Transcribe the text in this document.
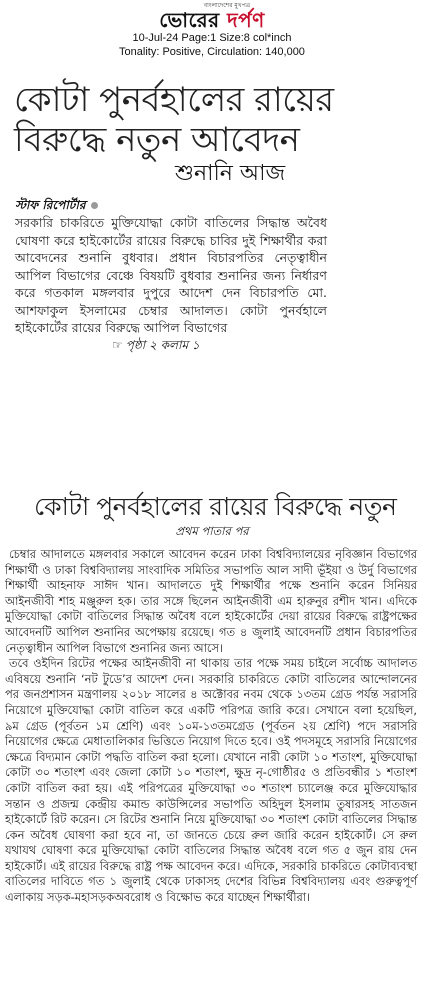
বাংলাদেশের মুখপত্র
ভোরের দর্পণ
10-Jul-24 Page:1 Size:8 col*inch
Tonality: Positive, Circulation: 140,000
কোটা পুনর্বহালের রায়ের বিরুদ্ধে নতুন আবেদন
শুনানি আজ
স্টাফ রিপোর্টার
সরকারি চাকরিতে মুক্তিযোদ্ধা কোটা বাতিলের সিদ্ধান্ত অবৈধ ঘোষণা করে হাইকোর্টের রায়ের বিরুদ্ধে চাবির দুই শিক্ষার্থীর করা আবেদনের শুনানি বুধবার। প্রধান বিচারপতির নেতৃত্বাধীন আপিল বিভাগের বেঞ্চে বিষয়টি বুধবার শুনানির জন্য নির্ধারণ করে গতকাল মঙ্গলবার দুপুরে আদেশ দেন বিচারপতি মো. আশফাকুল ইসলামের চেম্বার আদালত। কোটা পুনর্বহালে হাইকোর্টের রায়ের বিরুদ্ধে আপিল বিভাগের
☞ পৃষ্ঠা ২ কলাম ১
কোটা পুনর্বহালের রায়ের বিরুদ্ধে নতুন
প্রথম পাতার পর

চেম্বার আদালতে মঙ্গলবার সকালে আবেদন করেন ঢাকা বিশ্ববিদ্যালয়ের নৃবিজ্ঞান বিভাগের শিক্ষার্থী ও ঢাকা বিশ্ববিদ্যালয় সাংবাদিক সমিতির সভাপতি আল সাদী ভূঁইয়া ও উর্দু বিভাগের শিক্ষার্থী আহনাফ সাঈদ খান। আদালতে দুই শিক্ষার্থীর পক্ষে শুনানি করেন সিনিয়র আইনজীবী শাহ মঞ্জুরুল হক। তার সঙ্গে ছিলেন আইনজীবী এম হারুনুর রশীদ খান। এদিকে মুক্তিযোদ্ধা কোটা বাতিলের সিদ্ধান্ত অবৈধ বলে হাইকোর্টের দেয়া রায়ের বিরুদ্ধে রাষ্ট্রপক্ষের আবেদনটি আপিল শুনানির অপেক্ষায় রয়েছে। গত ৪ জুলাই আবেদনটি প্রধান বিচারপতির নেতৃত্বাধীন আপিল বিভাগে শুনানির জন্য আসে।

তবে ওইদিন রিটের পক্ষের আইনজীবী না থাকায় তার পক্ষে সময় চাইলে সর্বোচ্চ আদালত এবিষয়ে শুনানি ‘নট টুডে’র আদেশ দেন। সরকারি চাকরিতে কোটা বাতিলের আন্দোলনের পর জনপ্রশাসন মন্ত্রণালয় ২০১৮ সালের ৪ অক্টোবর নবম থেকে ১৩তম গ্রেড পর্যন্ত সরাসরি নিয়োগে মুক্তিযোদ্ধা কোটা বাতিল করে একটি পরিপত্র জারি করে। সেখানে বলা হয়েছিল, ৯ম গ্রেড (পূর্বতন ১ম শ্রেণি) এবং ১০ম-১৩তমগ্রেড (পূর্বতন ২য় শ্রেণি) পদে সরাসরি নিয়োগের ক্ষেত্রে মেধাতালিকার ভিত্তিতে নিয়োগ দিতে হবে। ওই পদসমূহে সরাসরি নিয়োগের ক্ষেত্রে বিদ্যমান কোটা পদ্ধতি বাতিল করা হলো। যেখানে নারী কোটা ১০ শতাংশ, মুক্তিযোদ্ধা কোটা ৩০ শতাংশ এবং জেলা কোটা ১০ শতাংশ, ক্ষুদ্র নৃ-গোষ্ঠীর৫ ও প্রতিবন্ধীর ১ শতাংশ কোটা বাতিল করা হয়। এই পরিপত্রের মুক্তিযোদ্ধা ৩০ শতাংশ চ্যালেঞ্জ করে মুক্তিযোদ্ধার সন্তান ও প্রজন্ম কেন্দ্রীয় কমান্ড কাউন্সিলের সভাপতি অহিদুল ইসলাম তুষারসহ সাতজন হাইকোর্টে রিট করেন। সে রিটের শুনানি নিয়ে মুক্তিযোদ্ধা ৩০ শতাংশ কোটা বাতিলের সিদ্ধান্ত কেন অবৈধ ঘোষণা করা হবে না, তা জানতে চেয়ে রুল জারি করেন হাইকোর্ট। সে রুল যথাযথ ঘোষণা করে মুক্তিযোদ্ধা কোটা বাতিলের সিদ্ধান্ত অবৈধ বলে গত ৫ জুন রায় দেন হাইকোর্ট। এই রায়ের বিরুদ্ধে রাষ্ট্র পক্ষ আবেদন করে। এদিকে, সরকারি চাকরিতে কোটাব্যবস্থা বাতিলের দাবিতে গত ১ জুলাই থেকে ঢাকাসহ দেশের বিভিন্ন বিশ্ববিদ্যালয় এবং গুরুত্বপূর্ণ এলাকায় সড়ক-মহাসড়কঅবরোধ ও বিক্ষোভ করে যাচ্ছেন শিক্ষার্থীরা।
